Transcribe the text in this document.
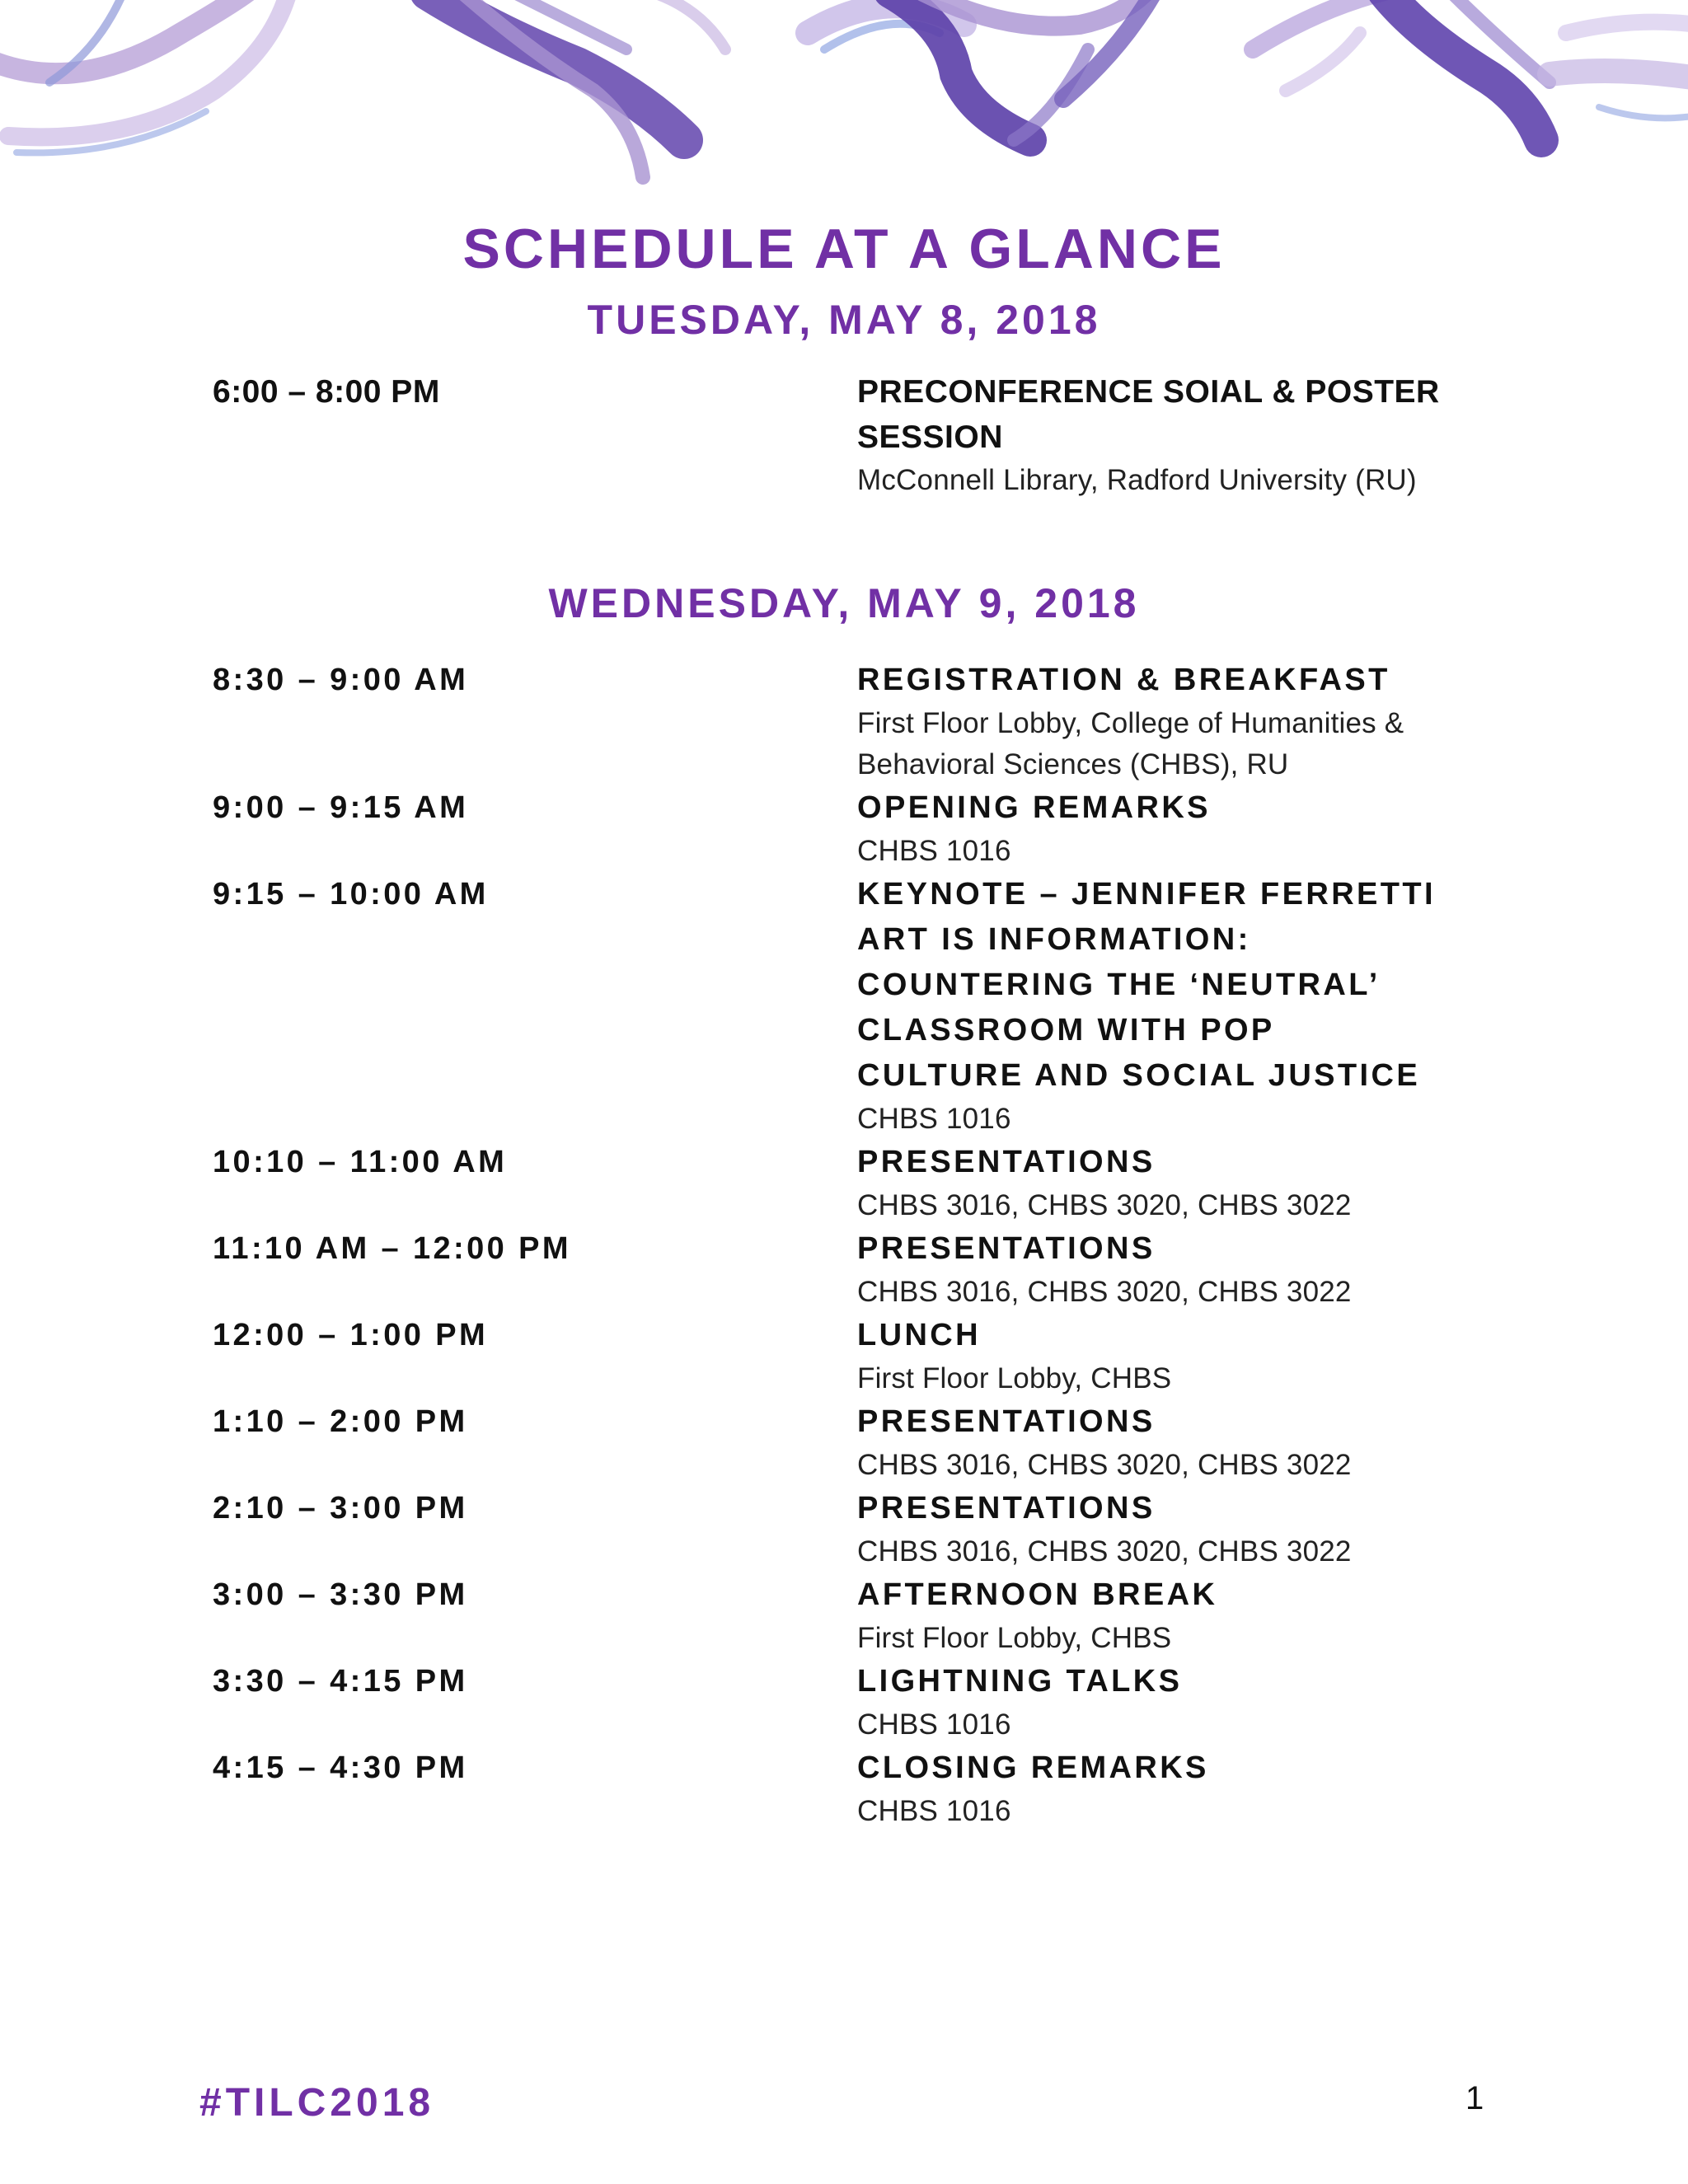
SCHEDULE AT A GLANCE
TUESDAY, MAY 8, 2018
6:00 – 8:00 PM	PRECONFERENCE SOIAL & POSTER
SESSION
McConnell Library, Radford University (RU)
WEDNESDAY, MAY 9, 2018
8:30 – 9:00 AM	REGISTRATION & BREAKFAST
First Floor Lobby, College of Humanities &
Behavioral Sciences (CHBS), RU
9:00 – 9:15 AM	OPENING REMARKS
CHBS 1016
9:15 – 10:00 AM	KEYNOTE – JENNIFER FERRETTI
ART IS INFORMATION:
COUNTERING THE ‘NEUTRAL’
CLASSROOM WITH POP
CULTURE AND SOCIAL JUSTICE
CHBS 1016
10:10 – 11:00 AM	PRESENTATIONS
CHBS 3016, CHBS 3020, CHBS 3022
11:10 AM – 12:00 PM	PRESENTATIONS
CHBS 3016, CHBS 3020, CHBS 3022
12:00 – 1:00 PM	LUNCH
First Floor Lobby, CHBS
1:10 – 2:00 PM	PRESENTATIONS
CHBS 3016, CHBS 3020, CHBS 3022
2:10 – 3:00 PM	PRESENTATIONS
CHBS 3016, CHBS 3020, CHBS 3022
3:00 – 3:30 PM	AFTERNOON BREAK
First Floor Lobby, CHBS
3:30 – 4:15 PM	LIGHTNING TALKS
CHBS 1016
4:15 – 4:30 PM	CLOSING REMARKS
CHBS 1016
#TILC2018	1
